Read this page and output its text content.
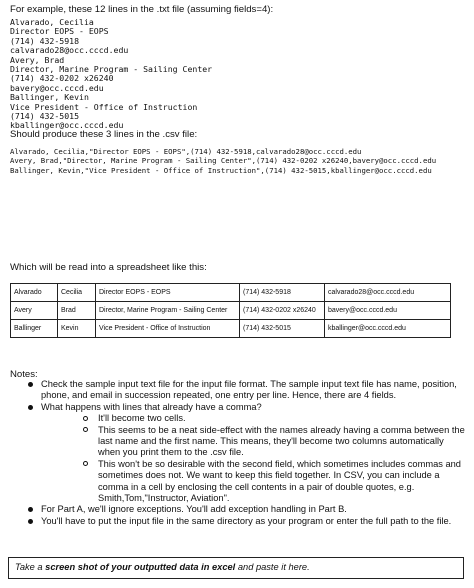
For example, these 12 lines in the .txt file (assuming fields=4):
Alvarado, Cecilia
Director EOPS - EOPS
(714) 432-5918
calvarado28@occ.cccd.edu
Avery, Brad
Director, Marine Program - Sailing Center
(714) 432-0202 x26240
bavery@occ.cccd.edu
Ballinger, Kevin
Vice President - Office of Instruction
(714) 432-5015
kballinger@occ.cccd.edu
Should produce these 3 lines in the .csv file:
Alvarado, Cecilia,"Director EOPS - EOPS",(714) 432-5918,calvarado28@occ.cccd.edu
Avery, Brad,"Director, Marine Program - Sailing Center",(714) 432-0202 x26240,bavery@occ.cccd.edu
Ballinger, Kevin,"Vice President - Office of Instruction",(714) 432-5015,kballinger@occ.cccd.edu
Which will be read into a spreadsheet like this:
Alvarado	Cecilia	Director EOPS - EOPS	(714) 432-5918	calvarado28@occ.cccd.edu
Avery	Brad	Director, Marine Program - Sailing Center	(714) 432-0202 x26240	bavery@occ.cccd.edu
Ballinger	Kevin	Vice President - Office of Instruction	(714) 432-5015	kballinger@occ.cccd.edu
Notes:
Check the sample input text file for the input file format. The sample input text file has name, position, phone, and email in succession repeated, one entry per line. Hence, there are 4 fields.
What happens with lines that already have a comma?
It'll become two cells.
This seems to be a neat side-effect with the names already having a comma between the last name and the first name. This means, they'll become two columns automatically when you print them to the .csv file.
This won't be so desirable with the second field, which sometimes includes commas and sometimes does not. We want to keep this field together. In CSV, you can include a comma in a cell by enclosing the cell contents in a pair of double quotes, e.g. Smith,Tom,"Instructor, Aviation".
For Part A, we'll ignore exceptions. You'll add exception handling in Part B.
You'll have to put the input file in the same directory as your program or enter the full path to the file.
Take a screen shot of your outputted data in excel and paste it here.
